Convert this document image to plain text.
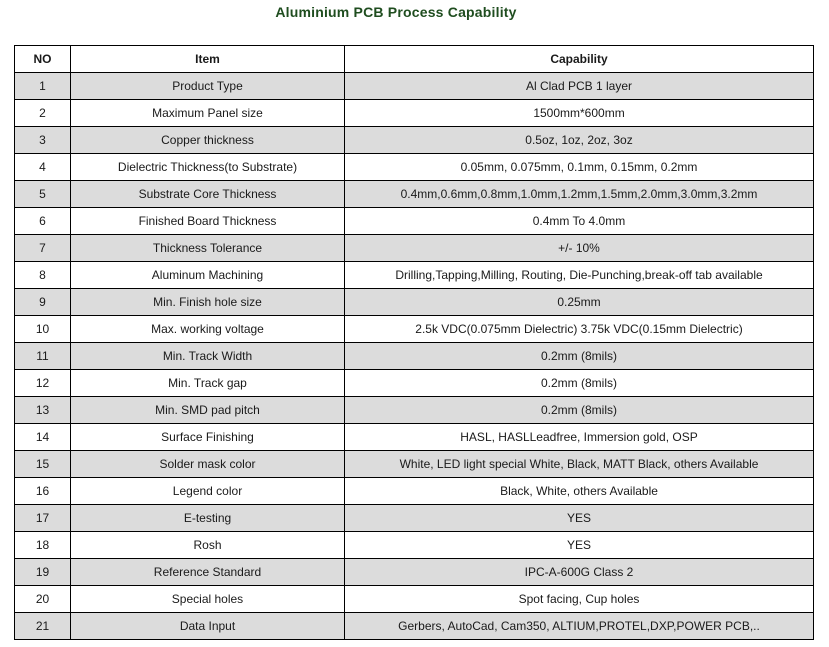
Aluminium PCB Process Capability
NO	Item	Capability
1	Product Type	Al Clad PCB 1 layer
2	Maximum Panel size	1500mm*600mm
3	Copper thickness	0.5oz, 1oz, 2oz, 3oz
4	Dielectric Thickness(to Substrate)	0.05mm, 0.075mm, 0.1mm, 0.15mm, 0.2mm
5	Substrate Core Thickness	0.4mm,0.6mm,0.8mm,1.0mm,1.2mm,1.5mm,2.0mm,3.0mm,3.2mm
6	Finished Board Thickness	0.4mm To 4.0mm
7	Thickness Tolerance	+/- 10%
8	Aluminum Machining	Drilling,Tapping,Milling, Routing, Die-Punching,break-off tab available
9	Min. Finish hole size	0.25mm
10	Max. working voltage	2.5k VDC(0.075mm Dielectric) 3.75k VDC(0.15mm Dielectric)
11	Min. Track Width	0.2mm (8mils)
12	Min. Track gap	0.2mm (8mils)
13	Min. SMD pad pitch	0.2mm (8mils)
14	Surface Finishing	HASL, HASLLeadfree, Immersion gold, OSP
15	Solder mask color	White, LED light special White, Black, MATT Black, others Available
16	Legend color	Black, White, others Available
17	E-testing	YES
18	Rosh	YES
19	Reference Standard	IPC-A-600G Class 2
20	Special holes	Spot facing, Cup holes
21	Data Input	Gerbers, AutoCad, Cam350, ALTIUM,PROTEL,DXP,POWER PCB,..
